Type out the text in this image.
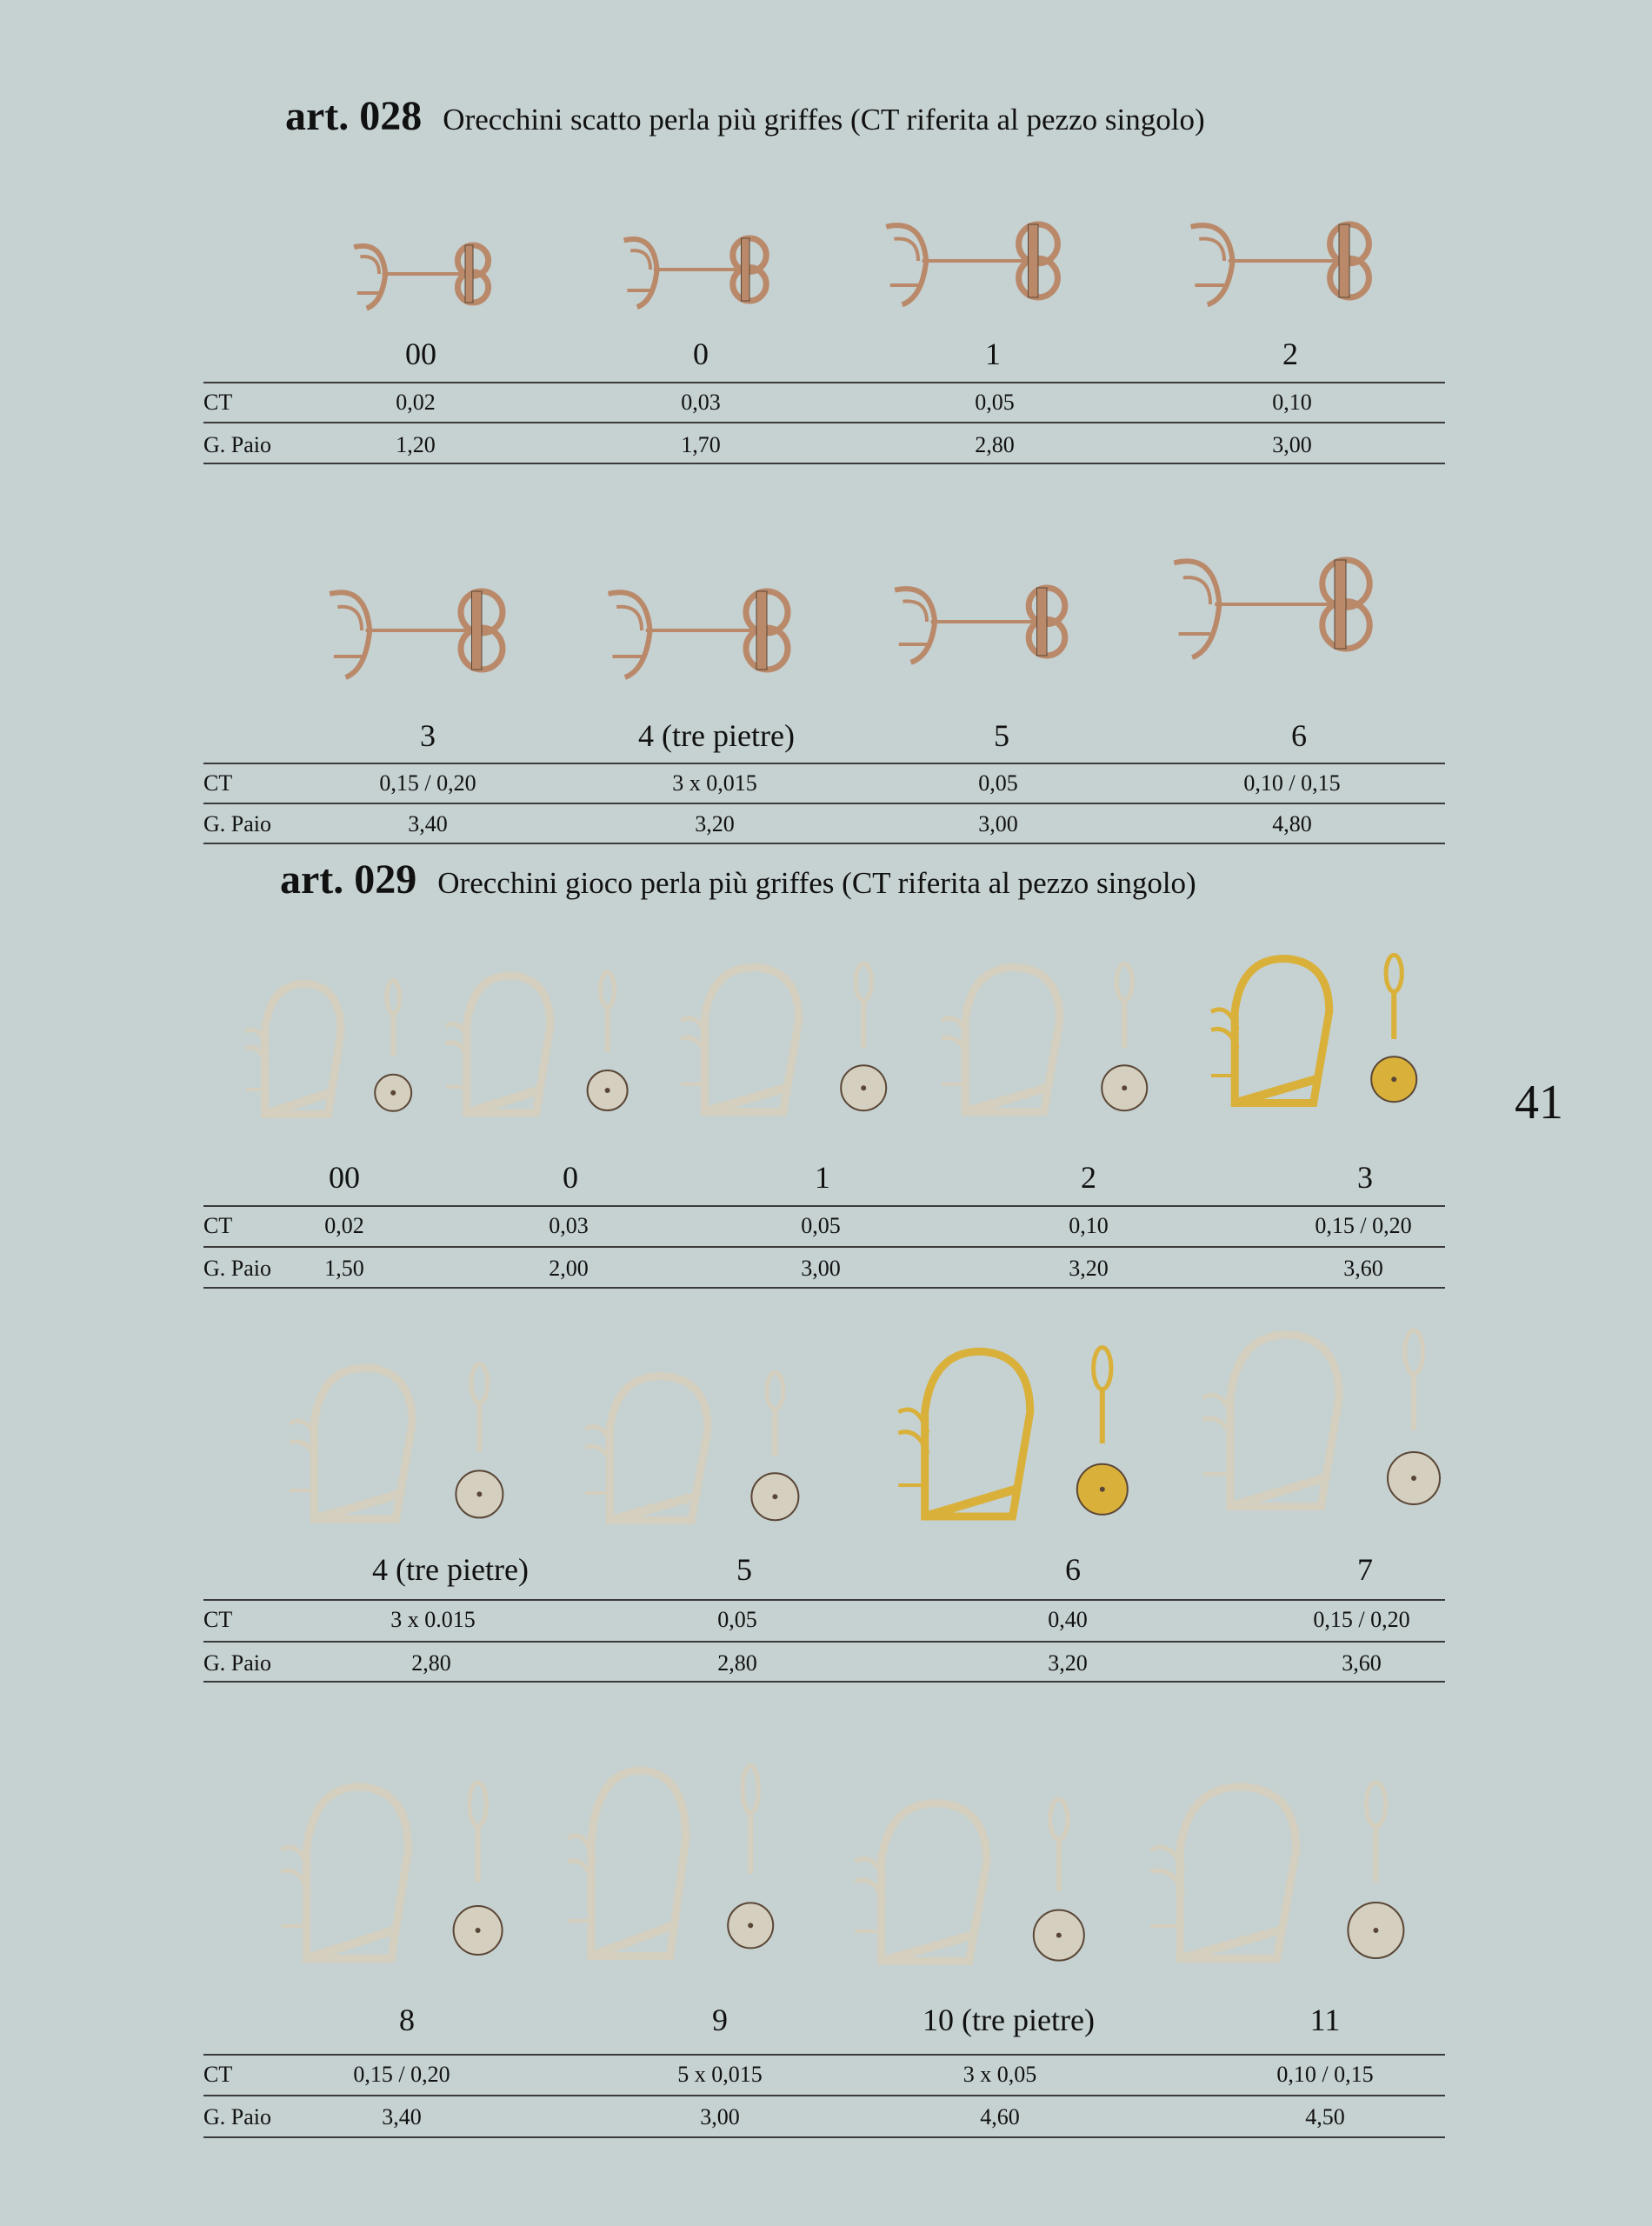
art. 028 Orecchini scatto perla più griffes (CT riferita al pezzo singolo)
art. 029 Orecchini gioco perla più griffes (CT riferita al pezzo singolo)
41
00	0	1	2
CT	0,02	0,03	0,05	0,10
G. Paio	1,20	1,70	2,80	3,00
3	4 (tre pietre)	5	6
CT	0,15 / 0,20	3 x 0,015	0,05	0,10 / 0,15
G. Paio	3,40	3,20	3,00	4,80
00	0	1	2	3
CT	0,02	0,03	0,05	0,10	0,15 / 0,20
G. Paio 1,50	2,00	3,00	3,20	3,60
4 (tre pietre)	5	6	7
CT	3 x 0.015	0,05	0,40	0,15 / 0,20
G. Paio	2,80	2,80	3,20	3,60
8	9	10 (tre pietre)	11
CT	0,15 / 0,20	5 x 0,015	3 x 0,05	0,10 / 0,15
G. Paio	3,40	3,00	4,60	4,50
